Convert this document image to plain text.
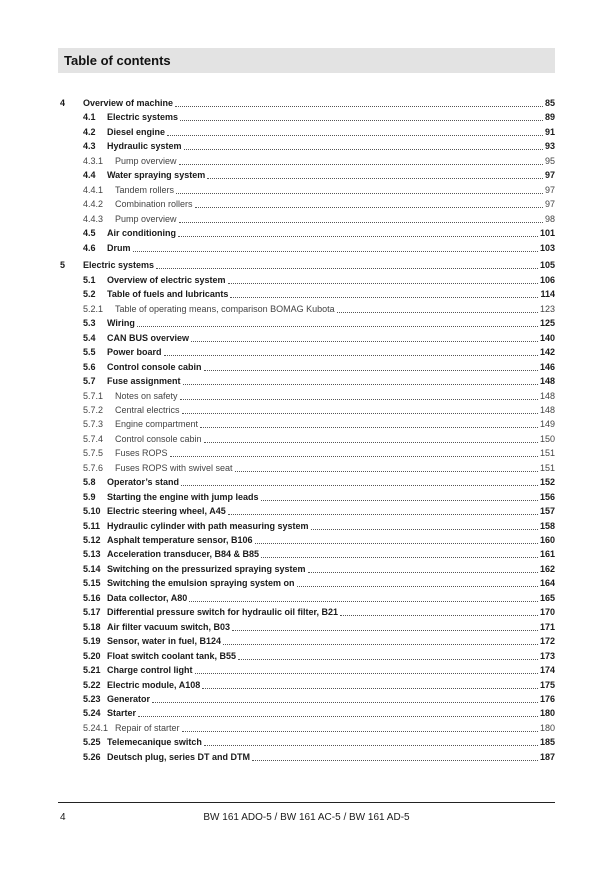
Table of contents
4 Overview of machine	85
4.1 Electric systems	89
4.2 Diesel engine	91
4.3 Hydraulic system	93
4.3.1 Pump overview	95
4.4 Water spraying system	97
4.4.1 Tandem rollers	97
4.4.2 Combination rollers	97
4.4.3 Pump overview	98
4.5 Air conditioning	101
4.6 Drum	103
5 Electric systems	105
5.1 Overview of electric system	106
5.2 Table of fuels and lubricants	114
5.2.1 Table of operating means, comparison BOMAG Kubota	123
5.3 Wiring	125
5.4 CAN BUS overview	140
5.5 Power board	142
5.6 Control console cabin	146
5.7 Fuse assignment	148
5.7.1 Notes on safety	148
5.7.2 Central electrics	148
5.7.3 Engine compartment	149
5.7.4 Control console cabin	150
5.7.5 Fuses ROPS	151
5.7.6 Fuses ROPS with swivel seat	151
5.8 Operator’s stand	152
5.9 Starting the engine with jump leads	156
5.10 Electric steering wheel, A45	157
5.11 Hydraulic cylinder with path measuring system	158
5.12 Asphalt temperature sensor, B106	160
5.13 Acceleration transducer, B84 & B85	161
5.14 Switching on the pressurized spraying system	162
5.15 Switching the emulsion spraying system on	164
5.16 Data collector, A80	165
5.17 Differential pressure switch for hydraulic oil filter, B21	170
5.18 Air filter vacuum switch, B03	171
5.19 Sensor, water in fuel, B124	172
5.20 Float switch coolant tank, B55	173
5.21 Charge control light	174
5.22 Electric module, A108	175
5.23 Generator	176
5.24 Starter	180
5.24.1 Repair of starter	180
5.25 Telemecanique switch	185
5.26 Deutsch plug, series DT and DTM	187
4	BW 161 ADO-5 / BW 161 AC-5 / BW 161 AD-5
